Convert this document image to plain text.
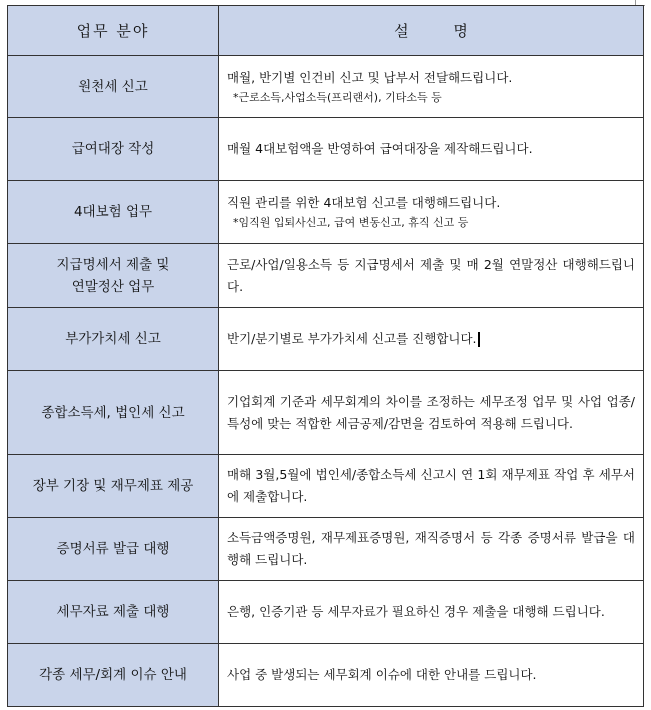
업무 분야	설 명
원천세 신고	매월, 반기별 인건비 신고 및 납부서 전달해드립니다.
*근로소득,사업소득(프리랜서), 기타소득 등

급여대장 작성	매월 4대보험액을 반영하여 급여대장을 제작해드립니다.

4대보험 업무	직원 관리를 위한 4대보험 신고를 대행해드립니다.
*임직원 입퇴사신고, 급여 변동신고, 휴직 신고 등

지급명세서 제출 및
연말정산 업무	근로/사업/일용소득 등 지급명세서 제출 및 매 2월 연말정산 대행해드립니다.

부가가치세 신고	반기/분기별로 부가가치세 신고를 진행합니다.
종합소득세, 법인세 신고	기업회계 기준과 세무회계의 차이를 조정하는 세무조정 업무 및 사업 업종/특성에 맞는 적합한 세금공제/감면을 검토하여 적용해 드립니다.

장부 기장 및 재무제표 제공	매해 3월,5월에 법인세/종합소득세 신고시 연 1회 재무제표 작업 후 세무서에 제출합니다.

증명서류 발급 대행	소득금액증명원, 재무제표증명원, 재직증명서 등 각종 증명서류 발급을 대행해 드립니다.

세무자료 제출 대행	은행, 인증기관 등 세무자료가 필요하신 경우 제출을 대행해 드립니다.

각종 세무/회계 이슈 안내	사업 중 발생되는 세무회계 이슈에 대한 안내를 드립니다.
